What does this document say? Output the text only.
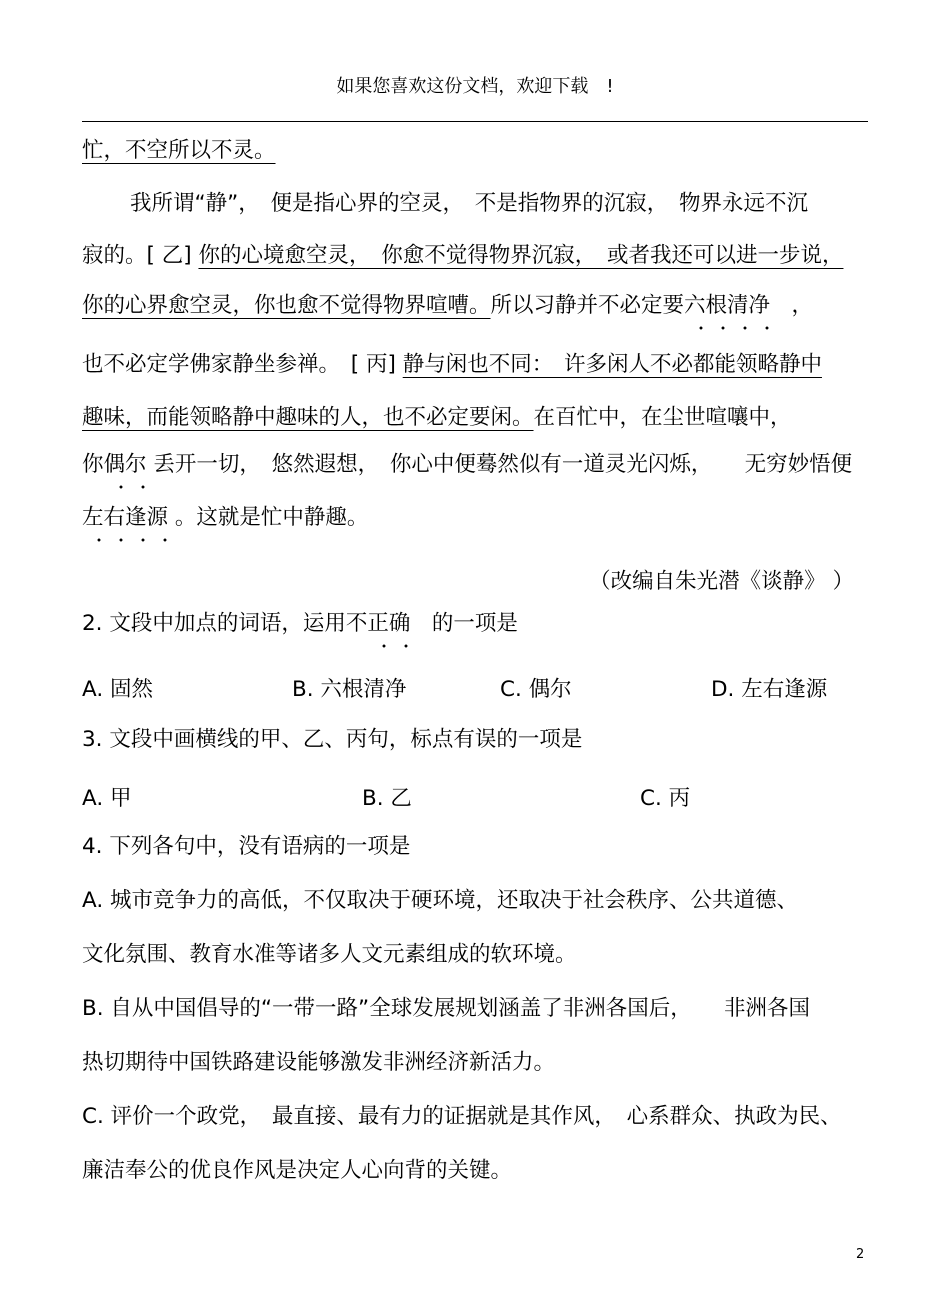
如果您喜欢这份文档，欢迎下载　!
忙，不空所以不灵。
我所谓“静”，　便是指心界的空灵，　不是指物界的沉寂，　物界永远不沉
寂的。[ 乙] 你的心境愈空灵，　你愈不觉得物界沉寂，　或者我还可以进一步说，
你的心界愈空灵，你也愈不觉得物界喧嘈。所以习静并不必定要六根清净　，
也不必定学佛家静坐参禅。　[ 丙] 静与闲也不同：　许多闲人不必都能领略静中
趣味，而能领略静中趣味的人，也不必定要闲。在百忙中，在尘世喧嚷中，
你偶尔 丢开一切，　悠然遐想，　你心中便蓦然似有一道灵光闪烁，　　无穷妙悟便
左右逢源 。这就是忙中静趣。
（改编自朱光潜《谈静》 ）
2. 文段中加点的词语，运用不正确　的一项是
A. 固然	B. 六根清净	C. 偶尔	D. 左右逢源
3. 文段中画横线的甲、乙、丙句，标点有误的一项是
A. 甲	B. 乙	C. 丙
4. 下列各句中，没有语病的一项是
A. 城市竞争力的高低，不仅取决于硬环境，还取决于社会秩序、公共道德、
文化氛围、教育水准等诸多人文元素组成的软环境。
B. 自从中国倡导的“一带一路”全球发展规划涵盖了非洲各国后，　　非洲各国
热切期待中国铁路建设能够激发非洲经济新活力。
C. 评价一个政党，　最直接、最有力的证据就是其作风，　心系群众、执政为民、
廉洁奉公的优良作风是决定人心向背的关键。
2
